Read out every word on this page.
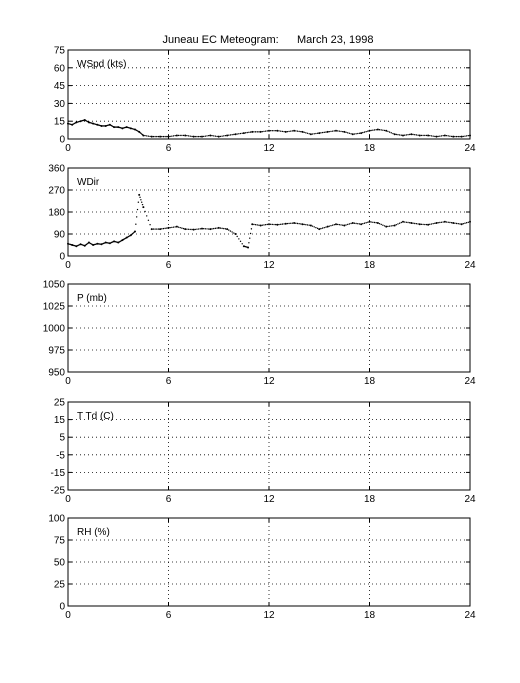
Juneau EC Meteogram:      March 23, 1998
0	6	12	18	24
0
15
30
45
60
75
WSpd (kts)
0	6	12	18	24
0
90
180
270
360
WDir
0	6	12	18	24
950
975
1000
1025
1050
P (mb)
0	6	12	18	24
-25
-15
-5
5
15
25
T Td (C)
0	6	12	18	24
0
25
50
75
100
RH (%)
